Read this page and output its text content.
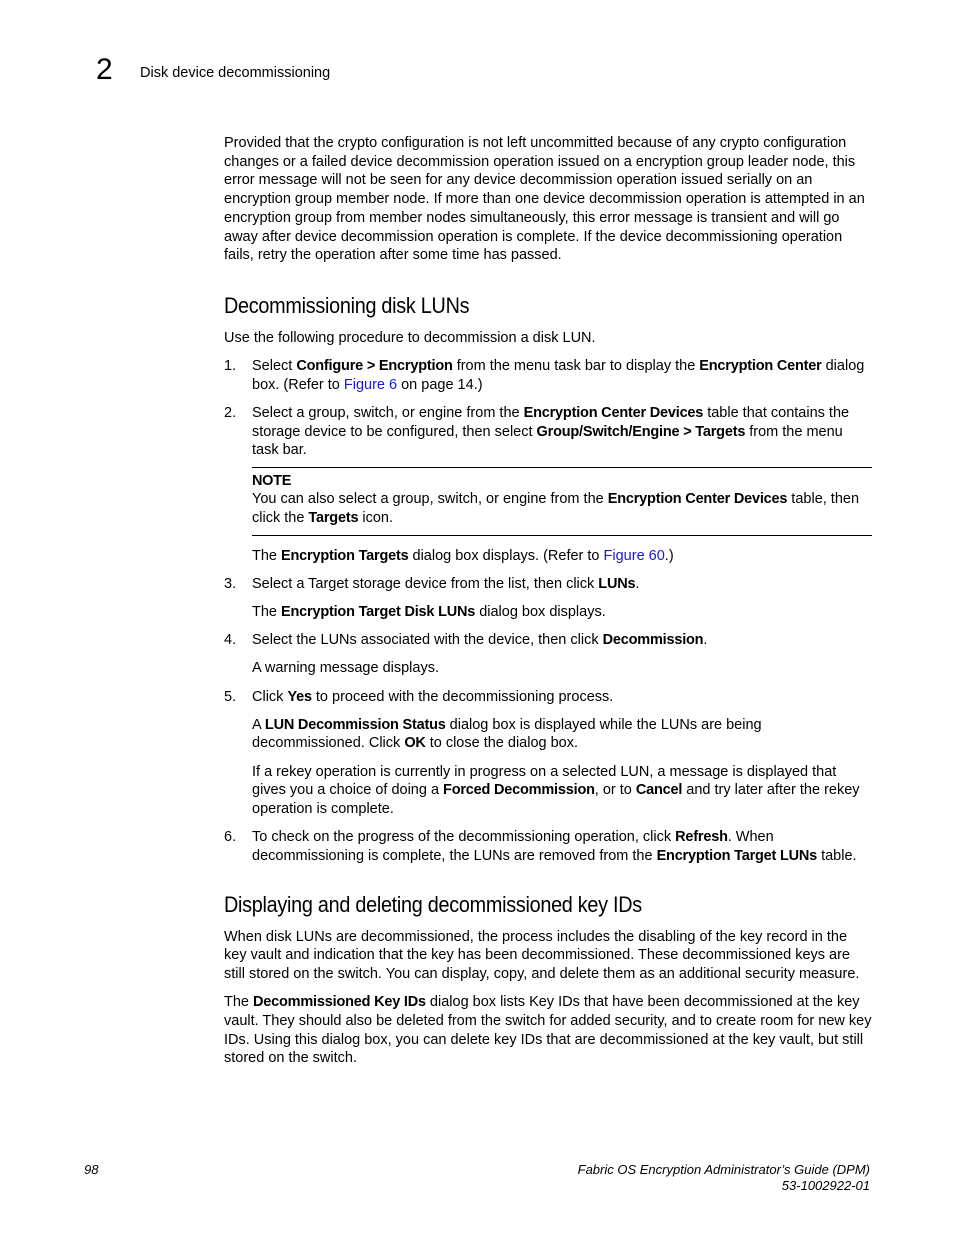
2 Disk device decommissioning

Provided that the crypto configuration is not left uncommitted because of any crypto configuration changes or a failed device decommission operation issued on a encryption group leader node, this error message will not be seen for any device decommission operation issued serially on an encryption group member node. If more than one device decommission operation is attempted in an encryption group from member nodes simultaneously, this error message is transient and will go away after device decommission operation is complete. If the device decommissioning operation fails, retry the operation after some time has passed.

Decommissioning disk LUNs

Use the following procedure to decommission a disk LUN.

1. Select Configure > Encryption from the menu task bar to display the Encryption Center dialog box. (Refer to Figure 6 on page 14.)
2. Select a group, switch, or engine from the Encryption Center Devices table that contains the storage device to be configured, then select Group/Switch/Engine > Targets from the menu task bar.
NOTE
You can also select a group, switch, or engine from the Encryption Center Devices table, then click the Targets icon.

The Encryption Targets dialog box displays. (Refer to Figure 60.)

3. Select a Target storage device from the list, then click LUNs.

The Encryption Target Disk LUNs dialog box displays.

4. Select the LUNs associated with the device, then click Decommission.

A warning message displays.

5. Click Yes to proceed with the decommissioning process.

A LUN Decommission Status dialog box is displayed while the LUNs are being decommissioned. Click OK to close the dialog box.

If a rekey operation is currently in progress on a selected LUN, a message is displayed that gives you a choice of doing a Forced Decommission, or to Cancel and try later after the rekey operation is complete.

6. To check on the progress of the decommissioning operation, click Refresh. When decommissioning is complete, the LUNs are removed from the Encryption Target LUNs table.
Displaying and deleting decommissioned key IDs

When disk LUNs are decommissioned, the process includes the disabling of the key record in the key vault and indication that the key has been decommissioned. These decommissioned keys are still stored on the switch. You can display, copy, and delete them as an additional security measure.

The Decommissioned Key IDs dialog box lists Key IDs that have been decommissioned at the key vault. They should also be deleted from the switch for added security, and to create room for new key IDs. Using this dialog box, you can delete key IDs that are decommissioned at the key vault, but still stored on the switch.

98	Fabric OS Encryption Administrator’s Guide (DPM)
53-1002922-01
